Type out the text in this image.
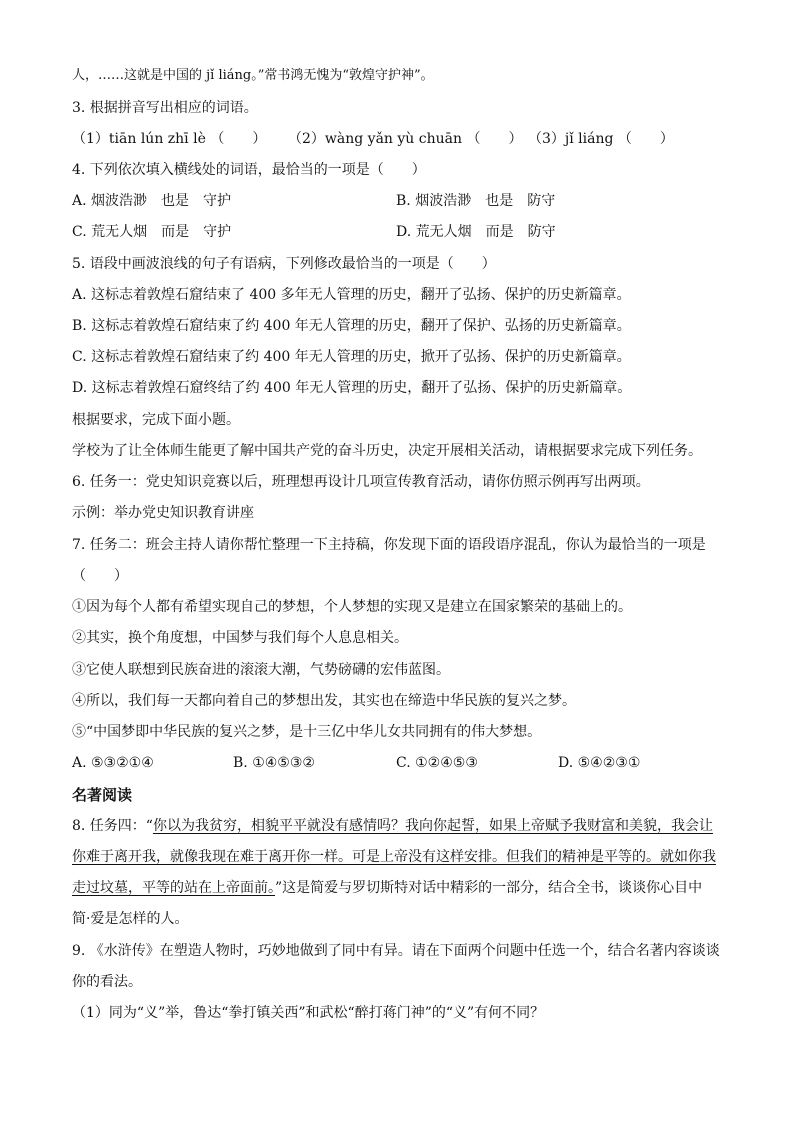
人，……这就是中国的 jǐ liáng。”常书鸿无愧为“敦煌守护神”。
3. 根据拼音写出相应的词语。
（1）tiān lún zhī lè （　　） （2）wàng yǎn yù chuān （　　） （3）jǐ liáng （　　）
4. 下列依次填入横线处的词语，最恰当的一项是（　　）
A. 烟波浩渺　也是　守护	B. 烟波浩渺　也是　防守
C. 荒无人烟　而是　守护	D. 荒无人烟　而是　防守
5. 语段中画波浪线的句子有语病，下列修改最恰当的一项是（　　）
A. 这标志着敦煌石窟结束了 400 多年无人管理的历史，翻开了弘扬、保护的历史新篇章。
B. 这标志着敦煌石窟结束了约 400 年无人管理的历史，翻开了保护、弘扬的历史新篇章。
C. 这标志着敦煌石窟结束了约 400 年无人管理的历史，掀开了弘扬、保护的历史新篇章。
D. 这标志着敦煌石窟终结了约 400 年无人管理的历史，翻开了弘扬、保护的历史新篇章。
根据要求，完成下面小题。
学校为了让全体师生能更了解中国共产党的奋斗历史，决定开展相关活动，请根据要求完成下列任务。
6. 任务一：党史知识竞赛以后，班理想再设计几项宣传教育活动，请你仿照示例再写出两项。
示例：举办党史知识教育讲座
7. 任务二：班会主持人请你帮忙整理一下主持稿，你发现下面的语段语序混乱，你认为最恰当的一项是
（　　）
①因为每个人都有希望实现自己的梦想，个人梦想的实现又是建立在国家繁荣的基础上的。
②其实，换个角度想，中国梦与我们每个人息息相关。
③它使人联想到民族奋进的滚滚大潮，气势磅礴的宏伟蓝图。
④所以，我们每一天都向着自己的梦想出发，其实也在缔造中华民族的复兴之梦。
⑤“中国梦即中华民族的复兴之梦，是十三亿中华儿女共同拥有的伟大梦想。
A. ⑤③②①④	B. ①④⑤③②	C. ①②④⑤③	D. ⑤④②③①
名著阅读
8. 任务四：“你以为我贫穷，相貌平平就没有感情吗？我向你起誓，如果上帝赋予我财富和美貌，我会让
你难于离开我，就像我现在难于离开你一样。可是上帝没有这样安排。但我们的精神是平等的。就如你我
走过坟墓，平等的站在上帝面前。”这是简爱与罗切斯特对话中精彩的一部分，结合全书，谈谈你心目中
简·爱是怎样的人。
9. 《水浒传》在塑造人物时，巧妙地做到了同中有异。请在下面两个问题中任选一个，结合名著内容谈谈
你的看法。
（1）同为“义”举，鲁达“拳打镇关西”和武松“醉打蒋门神”的“义”有何不同？
